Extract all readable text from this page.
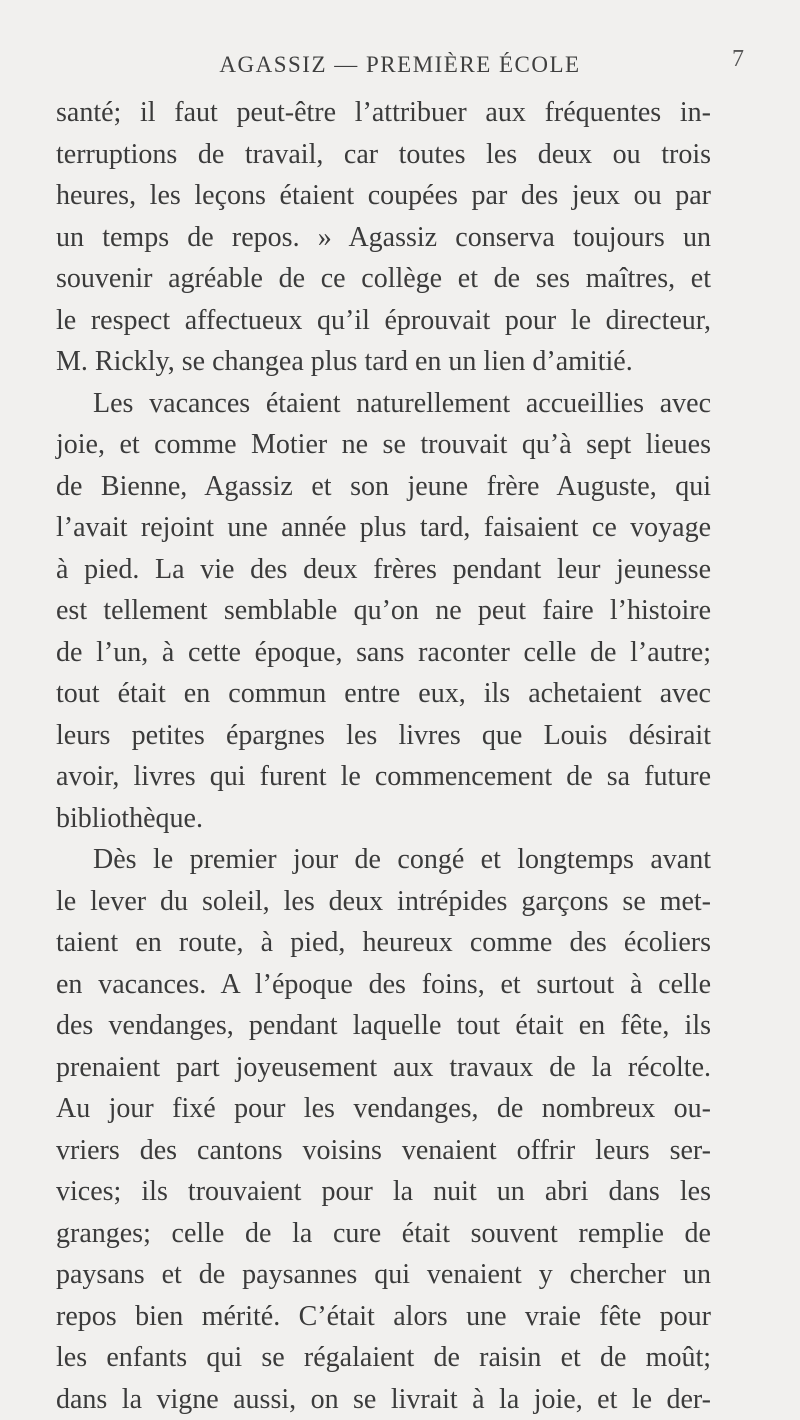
AGASSIZ — PREMIÈRE ÉCOLE	7
santé; il faut peut-être l’attribuer aux fréquentes in-
terruptions de travail, car toutes les deux ou trois
heures, les leçons étaient coupées par des jeux ou par
un temps de repos. » Agassiz conserva toujours un
souvenir agréable de ce collège et de ses maîtres, et
le respect affectueux qu’il éprouvait pour le directeur,
M. Rickly, se changea plus tard en un lien d’amitié.
Les vacances étaient naturellement accueillies avec
joie, et comme Motier ne se trouvait qu’à sept lieues
de Bienne, Agassiz et son jeune frère Auguste, qui
l’avait rejoint une année plus tard, faisaient ce voyage
à pied. La vie des deux frères pendant leur jeunesse
est tellement semblable qu’on ne peut faire l’histoire
de l’un, à cette époque, sans raconter celle de l’autre;
tout était en commun entre eux, ils achetaient avec
leurs petites épargnes les livres que Louis désirait
avoir, livres qui furent le commencement de sa future
bibliothèque.
Dès le premier jour de congé et longtemps avant
le lever du soleil, les deux intrépides garçons se met-
taient en route, à pied, heureux comme des écoliers
en vacances. A l’époque des foins, et surtout à celle
des vendanges, pendant laquelle tout était en fête, ils
prenaient part joyeusement aux travaux de la récolte.
Au jour fixé pour les vendanges, de nombreux ou-
vriers des cantons voisins venaient offrir leurs ser-
vices; ils trouvaient pour la nuit un abri dans les
granges; celle de la cure était souvent remplie de
paysans et de paysannes qui venaient y chercher un
repos bien mérité. C’était alors une vraie fête pour
les enfants qui se régalaient de raisin et de moût;
dans la vigne aussi, on se livrait à la joie, et le der-
